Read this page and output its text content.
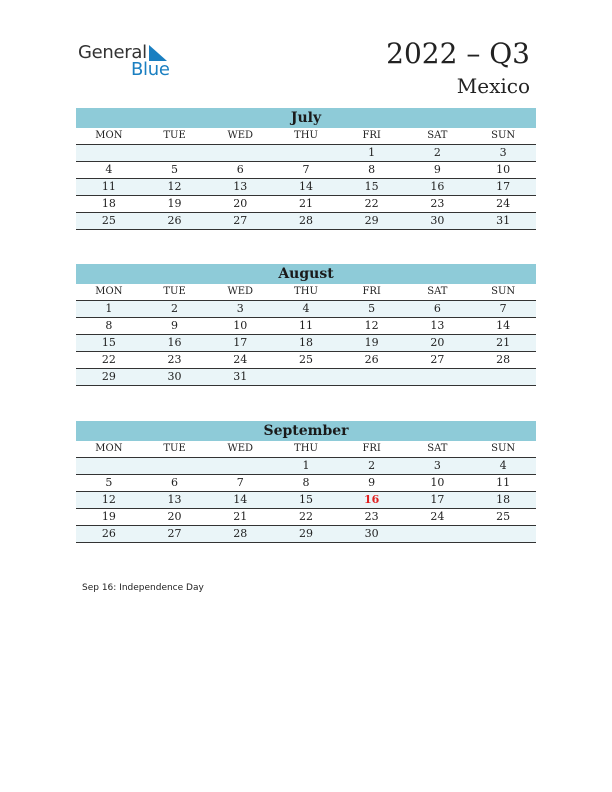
General
Blue	2022 – Q3
Mexico
July
MON	TUE	WED	THU	FRI	SAT	SUN
				1	2	3
4	5	6	7	8	9	10
11	12	13	14	15	16	17
18	19	20	21	22	23	24
25	26	27	28	29	30	31
August
MON	TUE	WED	THU	FRI	SAT	SUN
1	2	3	4	5	6	7
8	9	10	11	12	13	14
15	16	17	18	19	20	21
22	23	24	25	26	27	28
29	30	31				
September
MON	TUE	WED	THU	FRI	SAT	SUN
			1	2	3	4
5	6	7	8	9	10	11
12	13	14	15	16	17	18
19	20	21	22	23	24	25
26	27	28	29	30		
Sep 16: Independence Day
